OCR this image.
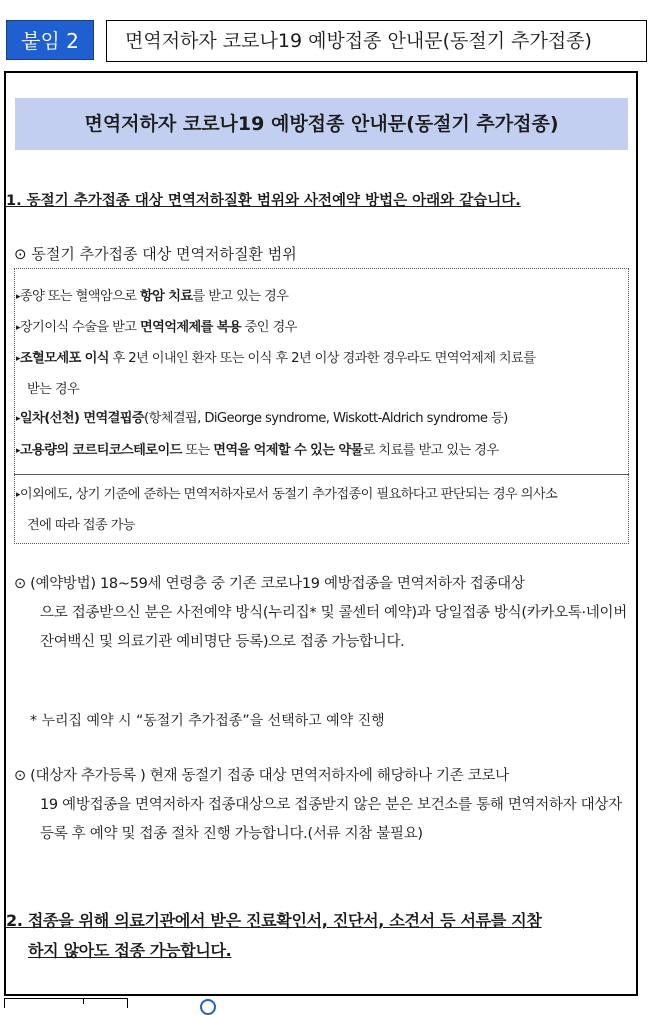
붙임 2	면역저하자 코로나19 예방접종 안내문(동절기 추가접종)
면역저하자 코로나19 예방접종 안내문(동절기 추가접종)
1. 동절기 추가접종 대상 면역저하질환 범위와 사전예약 방법은 아래와 같습니다.
⊙ 동절기 추가접종 대상 면역저하질환 범위
▸종양 또는 혈액암으로 항암 치료를 받고 있는 경우
▸장기이식 수술을 받고 면역억제제를 복용 중인 경우
▸조혈모세포 이식 후 2년 이내인 환자 또는 이식 후 2년 이상 경과한 경우라도 면역억제제 치료를
받는 경우
▸일차(선천) 면역결핍증(항체결핍, DiGeorge syndrome, Wiskott-Aldrich syndrome 등)
▸고용량의 코르티코스테로이드 또는 면역을 억제할 수 있는 약물로 치료를 받고 있는 경우
▸이외에도, 상기 기준에 준하는 면역저하자로서 동절기 추가접종이 필요하다고 판단되는 경우 의사소
견에 따라 접종 가능
⊙ (예약방법) 18~59세 연령층 중 기존 코로나19 예방접종을 면역저하자 접종대상
으로 접종받으신 분은 사전예약 방식(누리집* 및 콜센터 예약)과 당일접종 방식(카카오톡·네이버 잔여백신 및 의료기관 예비명단 등록)으로 접종 가능합니다.
* 누리집 예약 시 “동절기 추가접종”을 선택하고 예약 진행
⊙ (대상자 추가등록 ) 현재 동절기 접종 대상 면역저하자에 해당하나 기존 코로나
19 예방접종을 면역저하자 접종대상으로 접종받지 않은 분은 보건소를 통해 면역저하자 대상자 등록 후 예약 및 접종 절차 진행 가능합니다.(서류 지참 불필요)
2. 접종을 위해 의료기관에서 받은 진료확인서, 진단서, 소견서 등 서류를 지참
하지 않아도 접종 가능합니다.
